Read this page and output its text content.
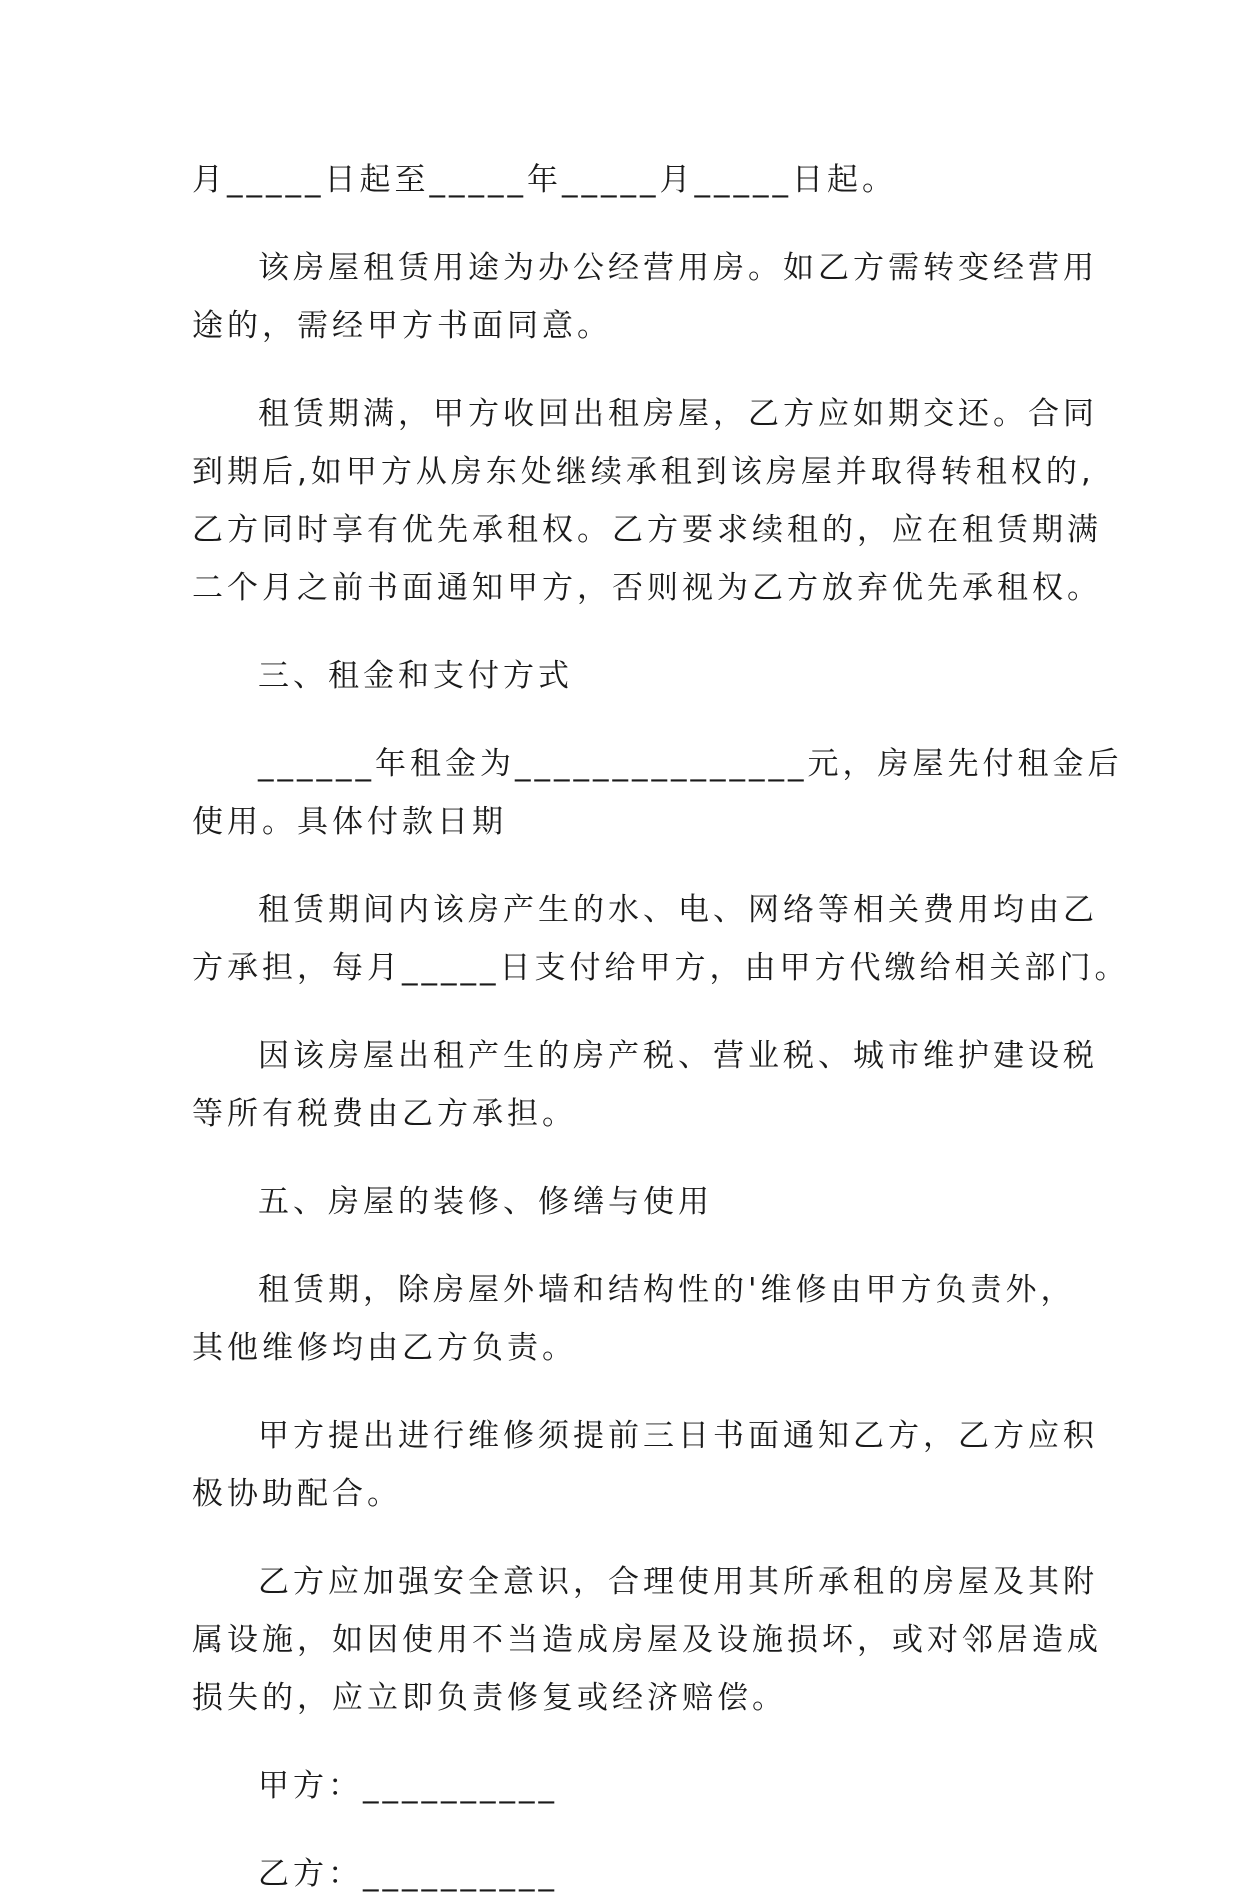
月_____日起至_____年_____月_____日起。
该房屋租赁用途为办公经营用房。如乙方需转变经营用
途的，需经甲方书面同意。
租赁期满，甲方收回出租房屋，乙方应如期交还。合同
到期后,如甲方从房东处继续承租到该房屋并取得转租权的,
乙方同时享有优先承租权。乙方要求续租的，应在租赁期满
二个月之前书面通知甲方，否则视为乙方放弃优先承租权。
三、租金和支付方式
______年租金为_______________元，房屋先付租金后
使用。具体付款日期
租赁期间内该房产生的水、电、网络等相关费用均由乙
方承担，每月_____日支付给甲方，由甲方代缴给相关部门。
因该房屋出租产生的房产税、营业税、城市维护建设税
等所有税费由乙方承担。
五、房屋的装修、修缮与使用
租赁期，除房屋外墙和结构性的'维修由甲方负责外，
其他维修均由乙方负责。
甲方提出进行维修须提前三日书面通知乙方，乙方应积
极协助配合。
乙方应加强安全意识，合理使用其所承租的房屋及其附
属设施，如因使用不当造成房屋及设施损坏，或对邻居造成
损失的，应立即负责修复或经济赔偿。
甲方：__________
乙方：__________
